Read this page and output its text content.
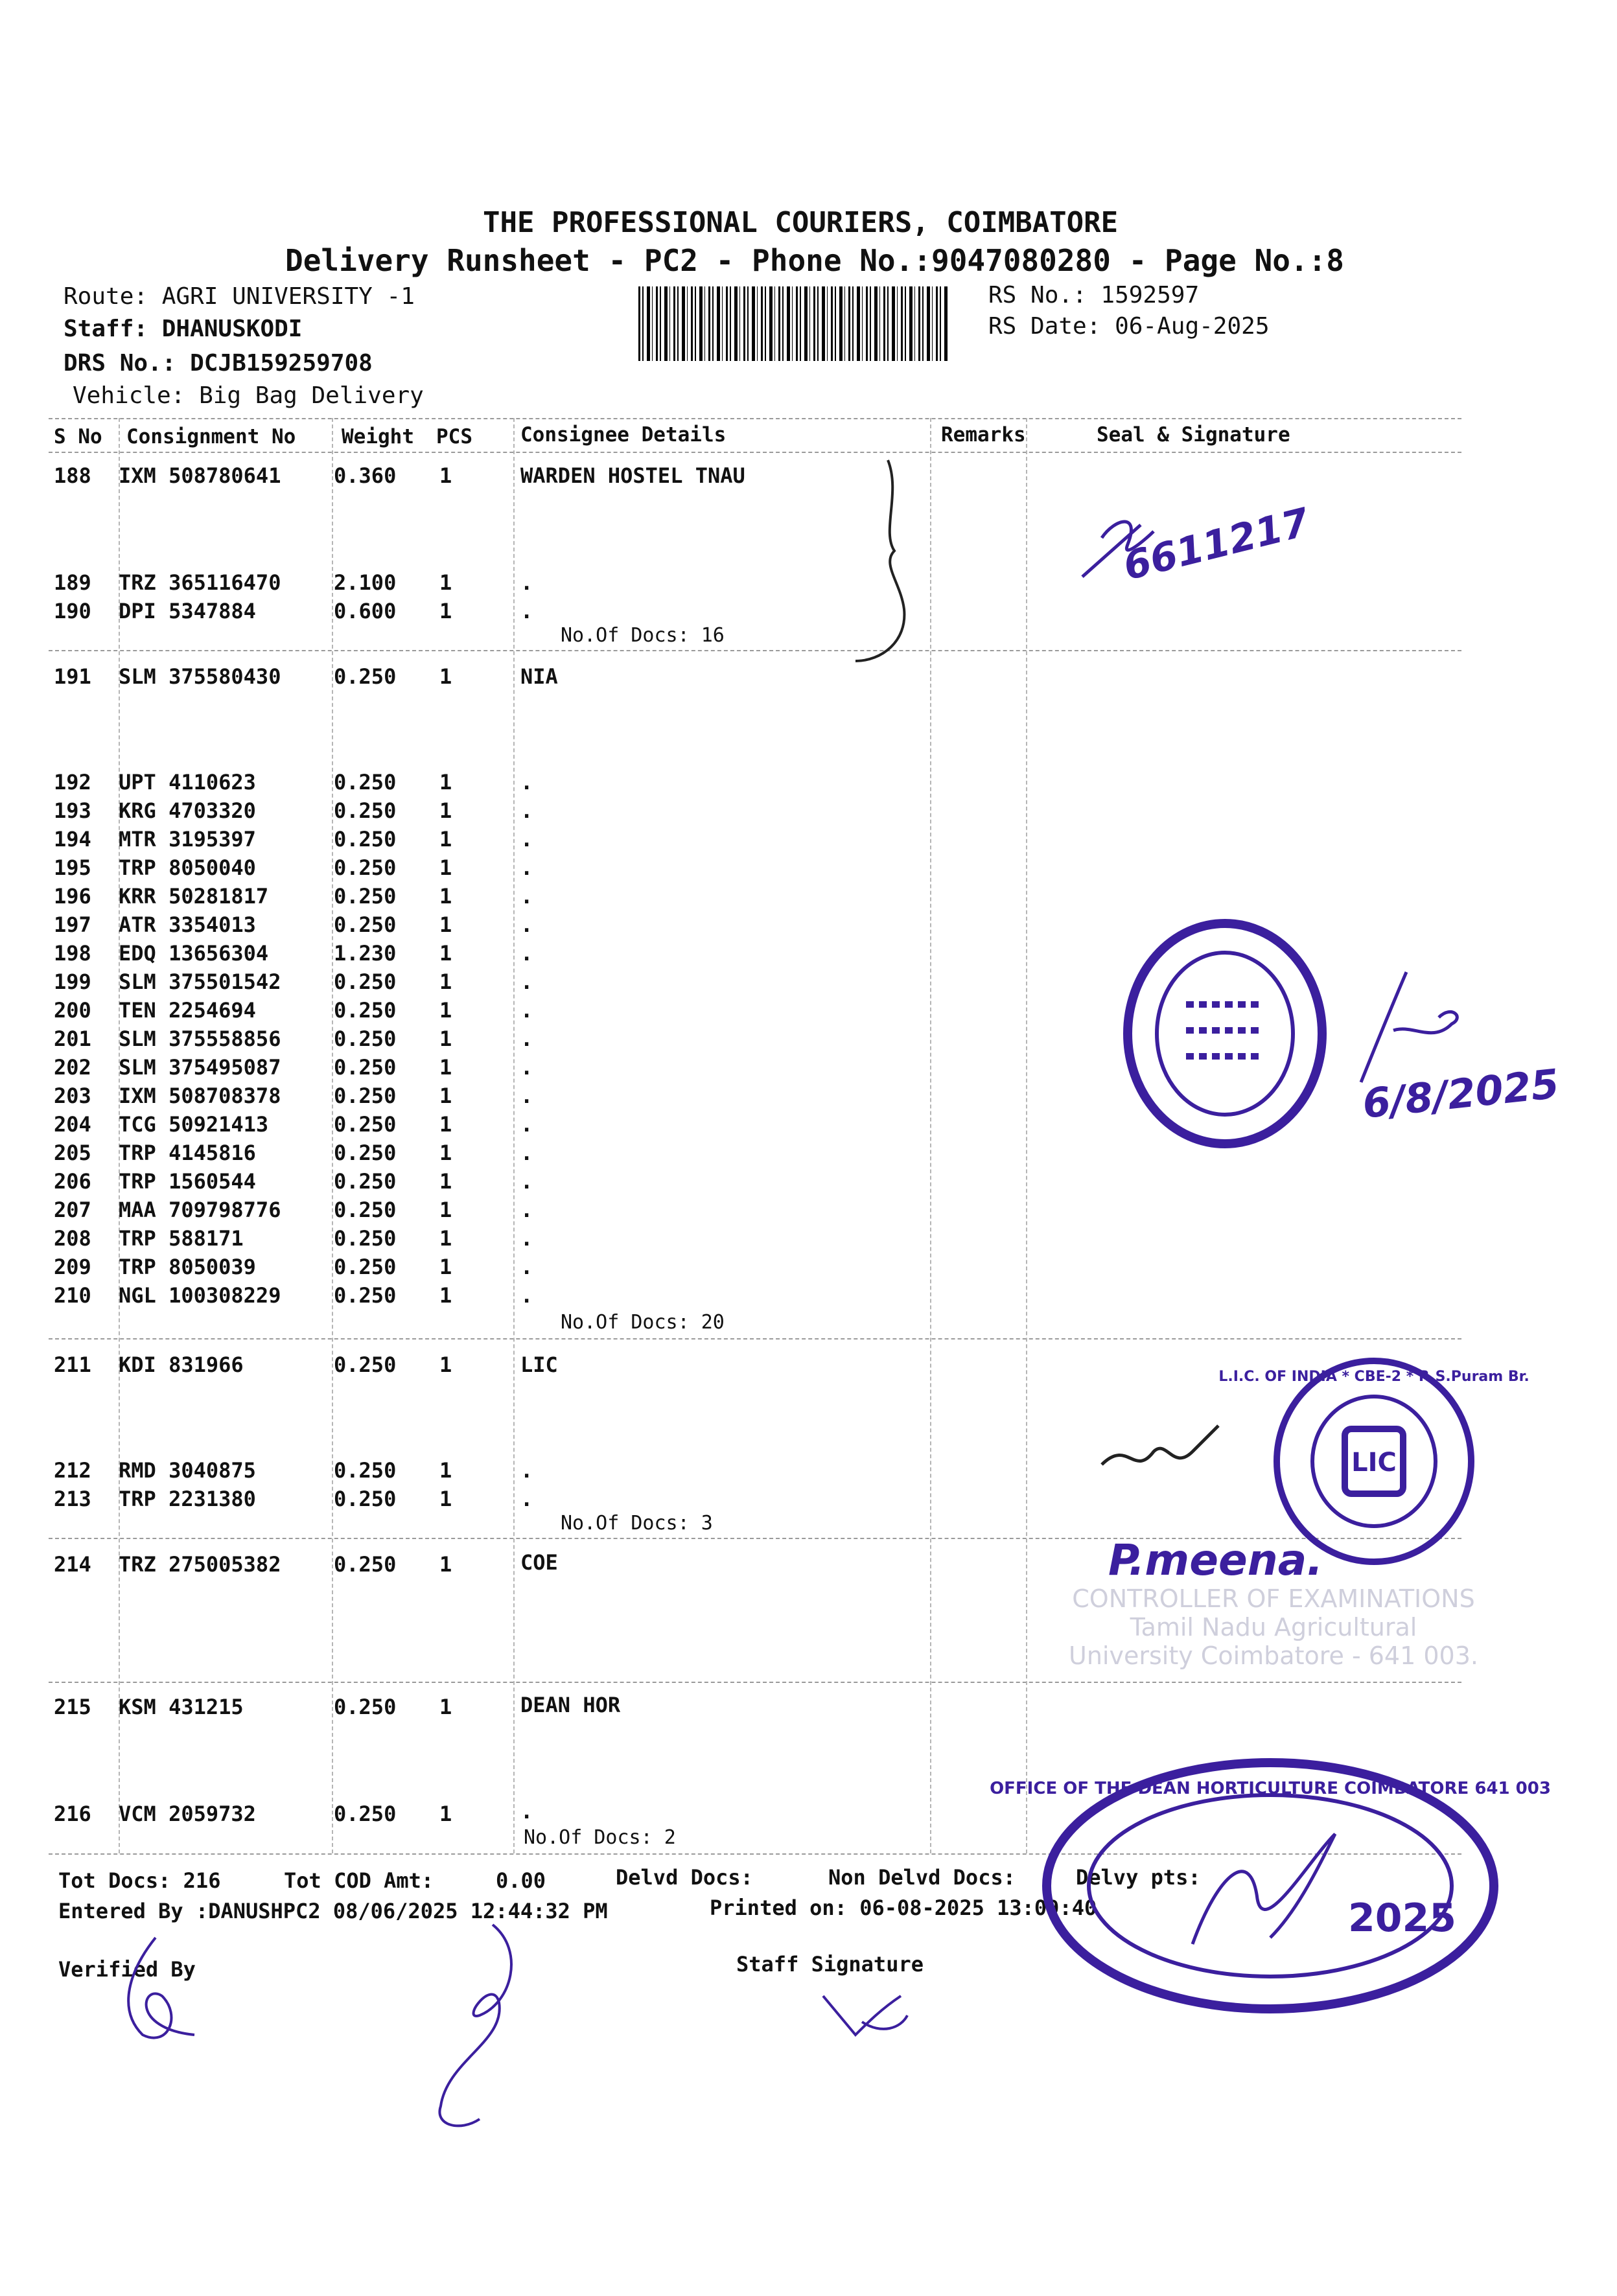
THE PROFESSIONAL COURIERS, COIMBATORE
Delivery Runsheet - PC2 - Phone No.:9047080280 - Page No.:8
Route: AGRI UNIVERSITY -1
Staff: DHANUSKODI
DRS No.: DCJB159259708
Vehicle: Big Bag Delivery
RS No.: 1592597
RS Date: 06-Aug-2025
S No Consignment No Weight PCS Consignee Details	Remarks	Seal & Signature
188 IXM 508780641	0.360 1	WARDEN HOSTEL TNAU
189 TRZ 365116470	2.100 1	.
190 DPI 5347884	0.600 1	.
No.Of Docs: 16
191 SLM 375580430	0.250 1	NIA
192 UPT 4110623	0.250 1	.
193 KRG 4703320	0.250 1	.
194 MTR 3195397	0.250 1	.
195 TRP 8050040	0.250 1	.
196 KRR 50281817	0.250 1	.
197 ATR 3354013	0.250 1	.
198 EDQ 13656304	1.230 1	.
199 SLM 375501542	0.250 1	.
200 TEN 2254694	0.250 1	.
201 SLM 375558856	0.250 1	.
202 SLM 375495087	0.250 1	.
203 IXM 508708378	0.250 1	.
204 TCG 50921413	0.250 1	.
205 TRP 4145816	0.250 1	.
206 TRP 1560544	0.250 1	.
207 MAA 709798776	0.250 1	.
208 TRP 588171	0.250 1	.
209 TRP 8050039	0.250 1	.
210 NGL 100308229	0.250 1	.
No.Of Docs: 20
211 KDI 831966	0.250 1	LIC
212 RMD 3040875	0.250 1	.
213 TRP 2231380	0.250 1	.
No.Of Docs: 3
214 TRZ 275005382	0.250 1	COE
215 KSM 431215	0.250 1	DEAN HOR
216 VCM 2059732	0.250 1	.
No.Of Docs: 2
Tot Docs: 216	Tot COD Amt:	0.00	Delvd Docs:	Non Delvd Docs:	Delvy pts:
Entered By :DANUSHPC2 08/06/2025 12:44:32 PM	Printed on: 06-08-2025 13:09:40
Verified By	Staff Signature
6611217
6/8/2025
LIC
L.I.C. OF INDIA * CBE-2 * R.S.Puram Br.
P.meena.
CONTROLLER OF EXAMINATIONS Tamil Nadu Agricultural University Coimbatore - 641 003.
OFFICE OF THE DEAN HORTICULTURE COIMBATORE 641 003
2025
